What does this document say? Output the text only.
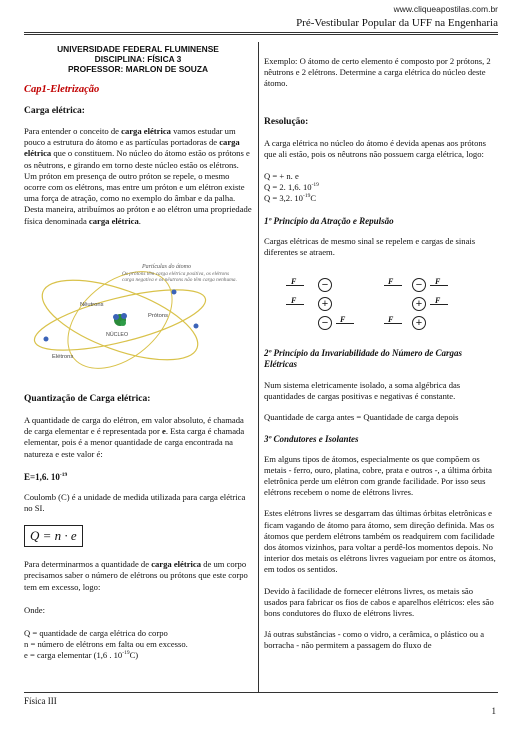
www.cliqueapostilas.com.br
Pré-Vestibular Popular da UFF na Engenharia
UNIVERSIDADE FEDERAL FLUMINENSE
DISCIPLINA: FÍSICA 3
PROFESSOR: MARLON DE SOUZA
Cap1-Eletrização
Carga elétrica:

Para entender o conceito de carga elétrica vamos estudar um pouco a estrutura do átomo e as partículas portadoras de carga elétrica que o constituem. No núcleo do átomo estão os prótons e os nêutrons, e girando em torno deste núcleo estão os elétrons. Um próton em presença de outro próton se repele, o mesmo ocorre com os elétrons, mas entre um próton e um elétron existe uma força de atração, como no exemplo do âmbar e da palha. Desta maneira, atribuímos ao próton e ao elétron uma propriedade física denominada carga elétrica.

Partículas do átomo
Os prótons têm carga elétrica positiva, os elétrons carga negativa e os nêutrons não têm carga nenhuma.
Nêutrons
Prótons
NÚCLEO
Elétrons
Quantização de Carga elétrica:

A quantidade de carga do elétron, em valor absoluto, é chamada de carga elementar e é representada por e. Esta carga é chamada elementar, pois é a menor quantidade de carga encontrada na natureza e este valor é:

E=1,6. $10^{-19}$

Coulomb (C) é a unidade de medida utilizada para carga elétrica no SI.

Q = n · e

Para determinarmos a quantidade de carga elétrica de um corpo precisamos saber o número de elétrons ou prótons que este corpo tem em excesso, logo:

Onde:

Q = quantidade de carga elétrica do corpo

n = número de elétrons em falta ou em excesso.

e = carga elementar (1,6 . $10^{-19}C$)

Exemplo: O átomo de certo elemento é composto por 2 prótons, 2 nêutrons e 2 elétrons. Determine a carga elétrica do núcleo deste átomo.

Resolução:

A carga elétrica no núcleo do átomo é devida apenas aos prótons que ali estão, pois os nêutrons não possuem carga elétrica, logo:

Q = + n. e

Q = 2. 1,6. $10^{-19}$

Q = 3,2. $10^{-19}C$

1º Princípio da Atração e Repulsão

Cargas elétricas de mesmo sinal se repelem e cargas de sinais diferentes se atraem.

F	−
F	+
−	F
F	−	F
+	F
F	+
2º Princípio da Invariabilidade do Número de Cargas Elétricas

Num sistema eletricamente isolado, a soma algébrica das quantidades de cargas positivas e negativas é constante.

Quantidade de carga antes = Quantidade de carga depois

3º Condutores e Isolantes

Em alguns tipos de átomos, especialmente os que compõem os metais - ferro, ouro, platina, cobre, prata e outros -, a última órbita eletrônica perde um elétron com grande facilidade. Por isso seus elétrons recebem o nome de elétrons livres.

Estes elétrons livres se desgarram das últimas órbitas eletrônicas e ficam vagando de átomo para átomo, sem direção definida. Mas os átomos que perdem elétrons também os readquirem com facilidade dos átomos vizinhos, para voltar a perdê-los momentos depois. No interior dos metais os elétrons livres vagueiam por entre os átomos, em todos os sentidos.

Devido à facilidade de fornecer elétrons livres, os metais são usados para fabricar os fios de cabos e aparelhos elétricos: eles são bons condutores do fluxo de elétrons livres.

Já outras substâncias - como o vidro, a cerâmica, o plástico ou a borracha - não permitem a passagem do fluxo de

Física III
1
